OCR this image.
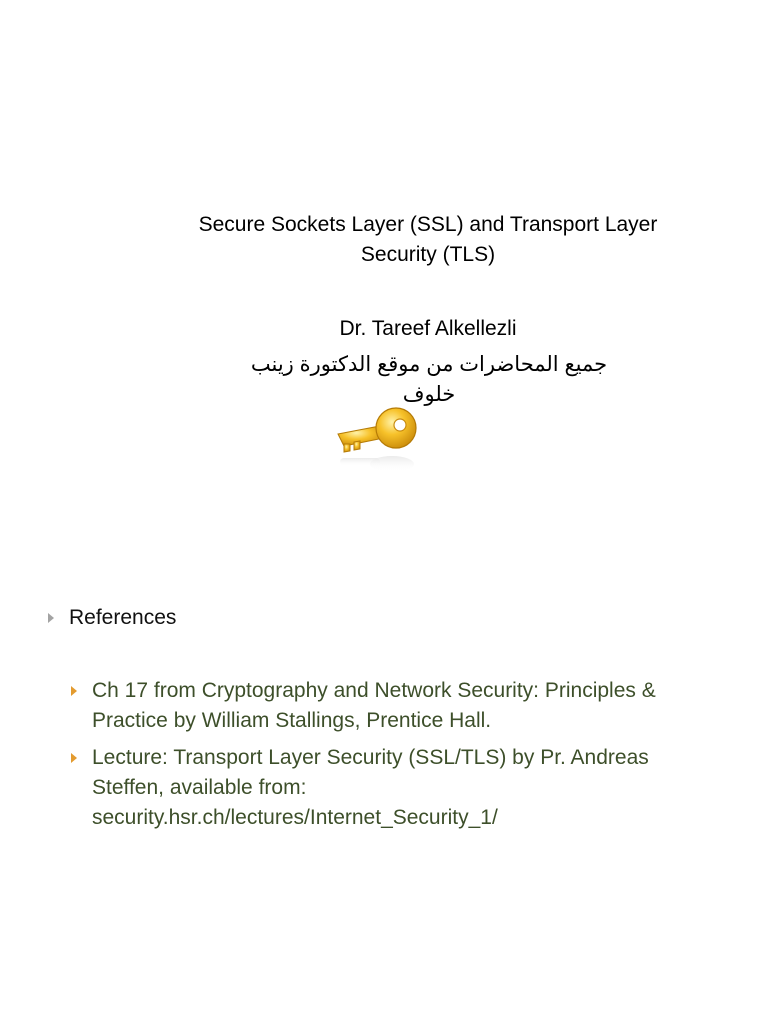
Secure Sockets Layer (SSL) and Transport Layer
Security (TLS)
Dr. Tareef Alkellezli
جميع المحاضرات من موقع الدكتورة زينب خلوف
References
Ch 17 from Cryptography and Network Security: Principles &
Practice by William Stallings, Prentice Hall.
Lecture: Transport Layer Security (SSL/TLS) by Pr. Andreas
Steffen, available from:
security.hsr.ch/lectures/Internet_Security_1/
